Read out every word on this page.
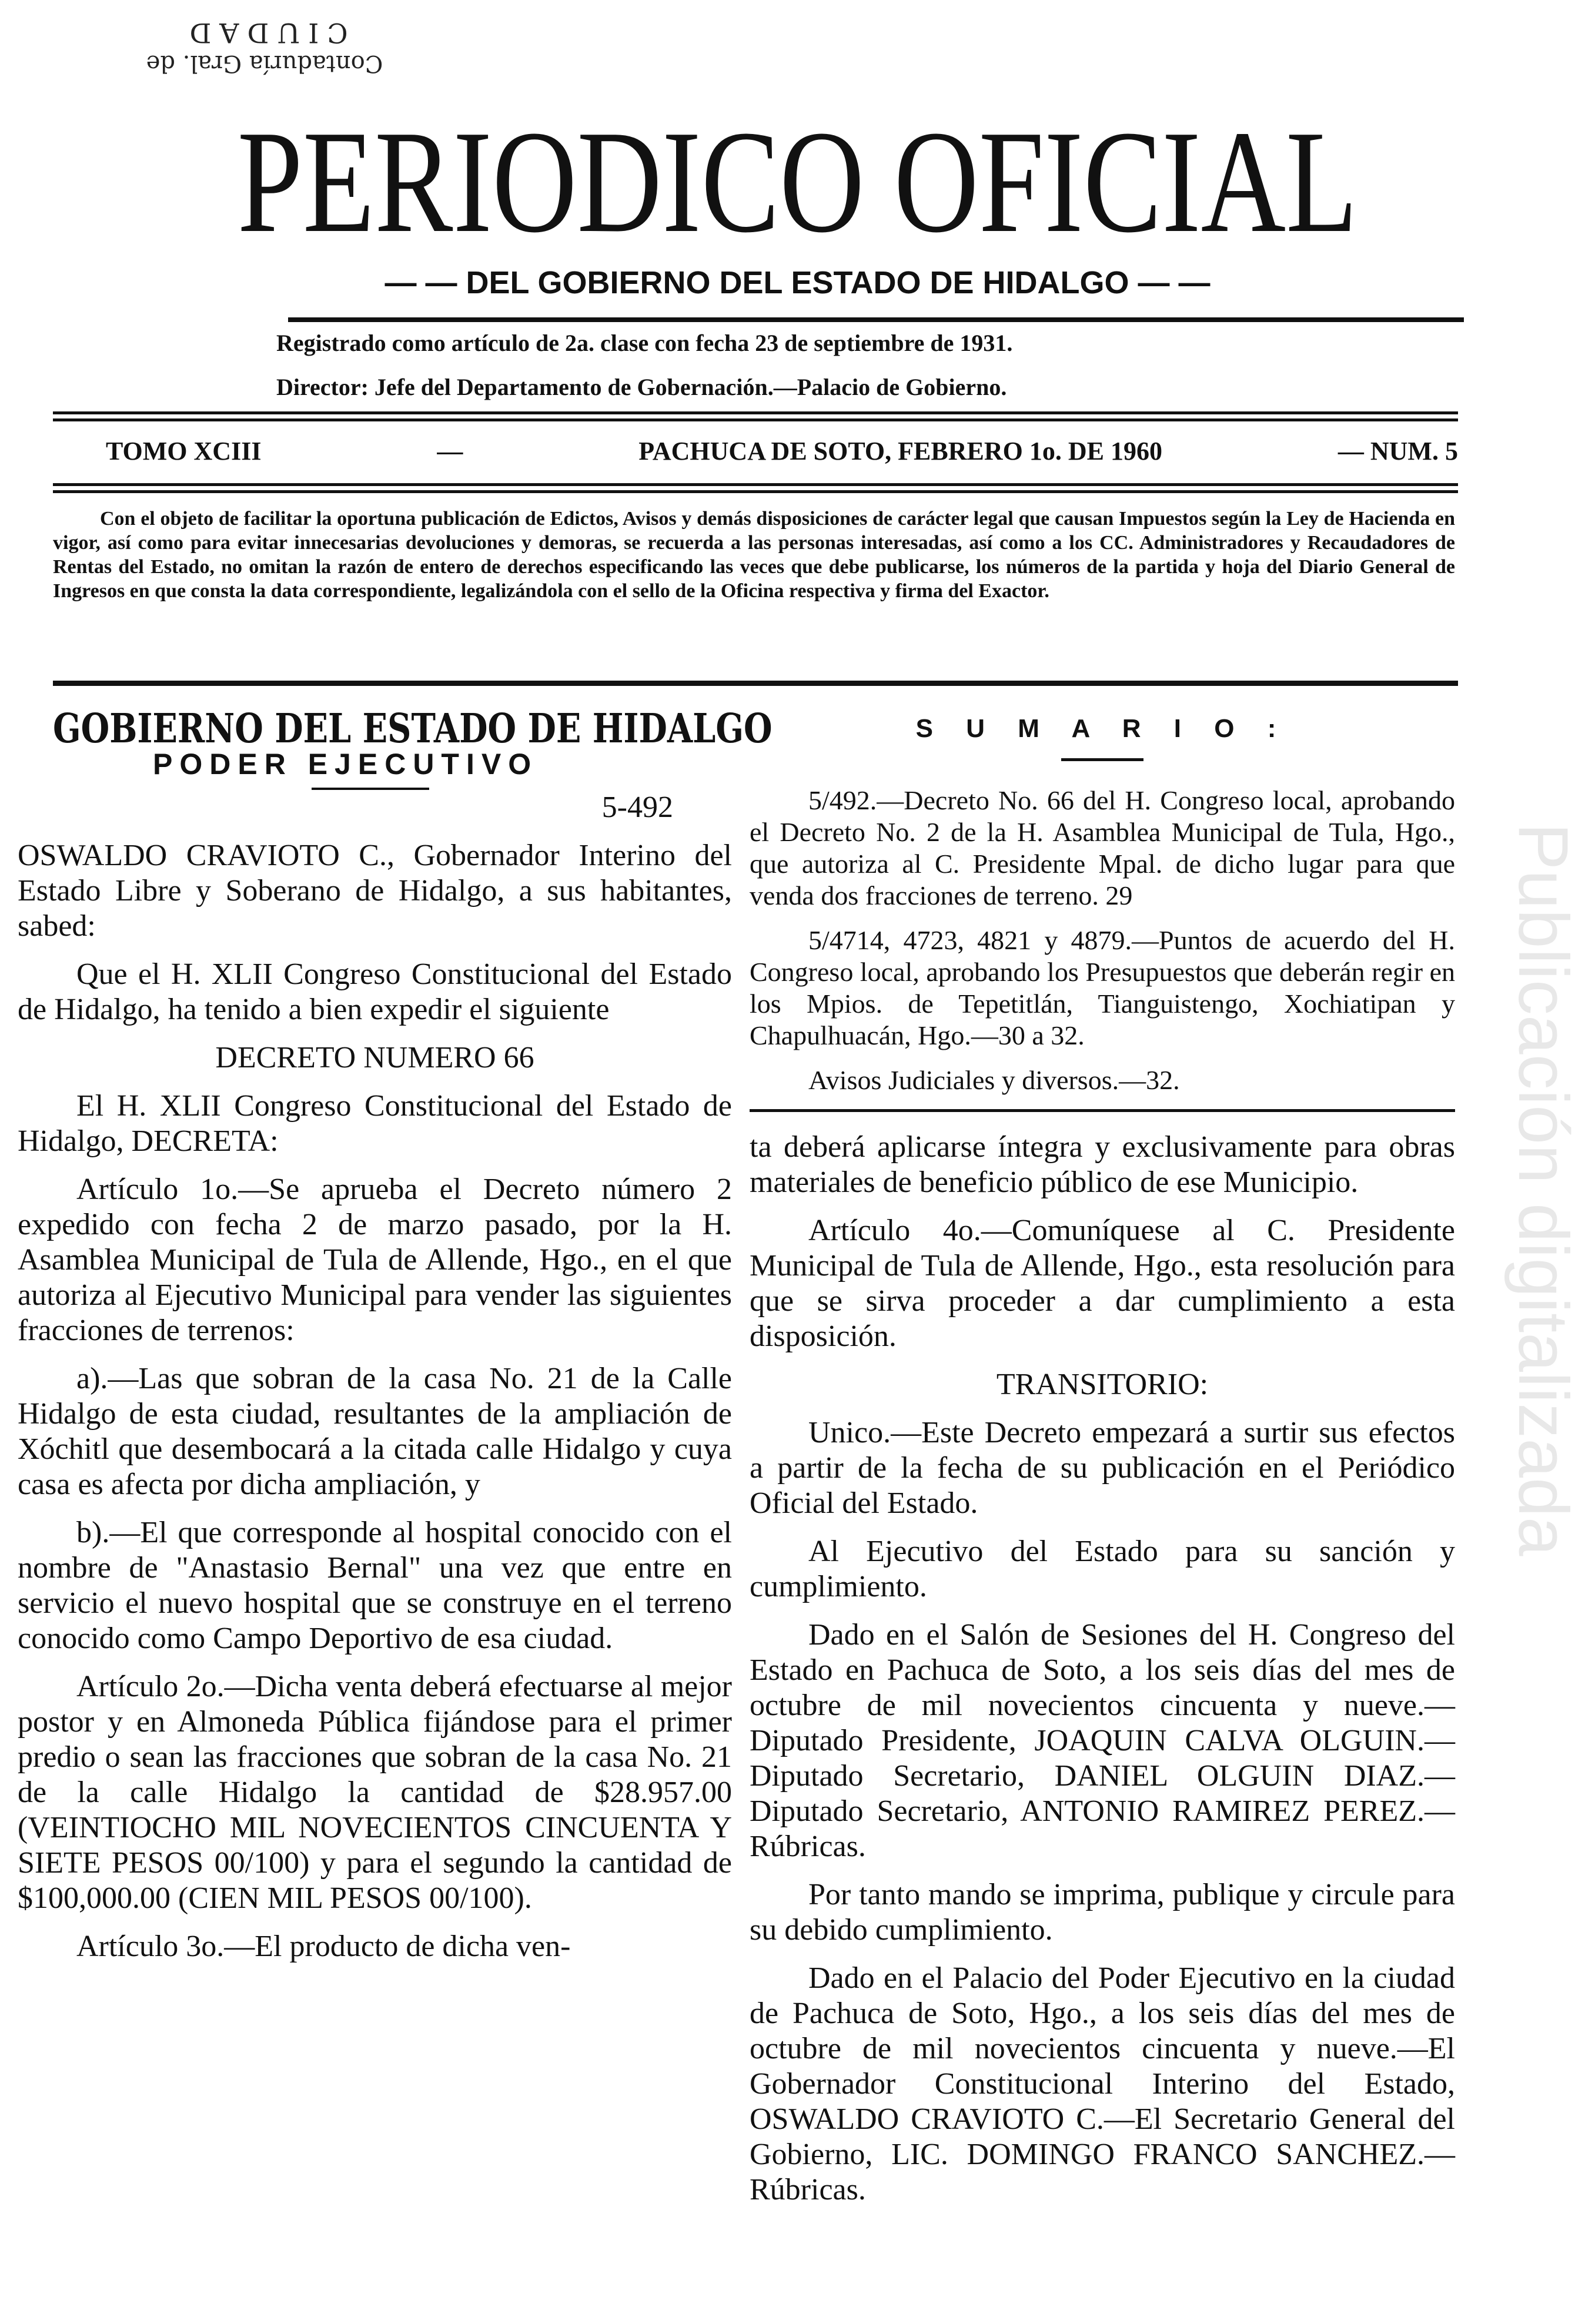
Publicación digitalizada
Contaduría Gral. de
CIUDAD
PERIODICO OFICIAL
— — DEL GOBIERNO DEL ESTADO DE HIDALGO — —
Registrado como artículo de 2a. clase con fecha 23 de septiembre de 1931.
Director: Jefe del Departamento de Gobernación.—Palacio de Gobierno.
TOMO XCIII	—	PACHUCA DE SOTO, FEBRERO 1o. DE 1960	— NUM. 5
Con el objeto de facilitar la oportuna publicación de Edictos, Avisos y demás disposiciones de carácter legal que causan Impuestos según la Ley de Hacienda en vigor, así como para evitar innecesarias devoluciones y demoras, se recuerda a las personas interesadas, así como a los CC. Administradores y Recaudadores de Rentas del Estado, no omitan la razón de entero de derechos especificando las veces que debe publicarse, los números de la partida y hoja del Diario General de Ingresos en que consta la data correspondiente, legalizándola con el sello de la Oficina respectiva y firma del Exactor.
GOBIERNO DEL ESTADO DE HIDALGO
PODER EJECUTIVO

5-492

OSWALDO CRAVIOTO C., Gobernador Interino del Estado Libre y Soberano de Hidalgo, a sus habitantes, sabed:

Que el H. XLII Congreso Constitucional del Estado de Hidalgo, ha tenido a bien expedir el siguiente

DECRETO NUMERO 66

El H. XLII Congreso Constitucional del Estado de Hidalgo, DECRETA:

Artículo 1o.—Se aprueba el Decreto número 2 expedido con fecha 2 de marzo pasado, por la H. Asamblea Municipal de Tula de Allende, Hgo., en el que autoriza al Ejecutivo Municipal para vender las siguientes fracciones de terrenos:

a).—Las que sobran de la casa No. 21 de la Calle Hidalgo de esta ciudad, resultantes de la ampliación de Xóchitl que desembocará a la citada calle Hidalgo y cuya casa es afecta por dicha ampliación, y

b).—El que corresponde al hospital conocido con el nombre de "Anastasio Bernal" una vez que entre en servicio el nuevo hospital que se construye en el terreno conocido como Campo Deportivo de esa ciudad.

Artículo 2o.—Dicha venta deberá efectuarse al mejor postor y en Almoneda Pública fijándose para el primer predio o sean las fracciones que sobran de la casa No. 21 de la calle Hidalgo la cantidad de $28.957.00 (VEINTIOCHO MIL NOVECIENTOS CINCUENTA Y SIETE PESOS 00/100) y para el segundo la cantidad de $100,000.00 (CIEN MIL PESOS 00/100).

Artículo 3o.—El producto de dicha ven-

S U M A R I O :

5/492.—Decreto No. 66 del H. Congreso local, aprobando el Decreto No. 2 de la H. Asamblea Municipal de Tula, Hgo., que autoriza al C. Presidente Mpal. de dicho lugar para que venda dos fracciones de terreno. 29

5/4714, 4723, 4821 y 4879.—Puntos de acuerdo del H. Congreso local, aprobando los Presupuestos que deberán regir en los Mpios. de Tepetitlán, Tianguistengo, Xochiatipan y Chapulhuacán, Hgo.—30 a 32.

Avisos Judiciales y diversos.—32.

ta deberá aplicarse íntegra y exclusivamente para obras materiales de beneficio público de ese Municipio.

Artículo 4o.—Comuníquese al C. Presidente Municipal de Tula de Allende, Hgo., esta resolución para que se sirva proceder a dar cumplimiento a esta disposición.

TRANSITORIO:

Unico.—Este Decreto empezará a surtir sus efectos a partir de la fecha de su publicación en el Periódico Oficial del Estado.

Al Ejecutivo del Estado para su sanción y cumplimiento.

Dado en el Salón de Sesiones del H. Congreso del Estado en Pachuca de Soto, a los seis días del mes de octubre de mil novecientos cincuenta y nueve.—Diputado Presidente, JOAQUIN CALVA OLGUIN.—Diputado Secretario, DANIEL OLGUIN DIAZ.—Diputado Secretario, ANTONIO RAMIREZ PEREZ.—Rúbricas.

Por tanto mando se imprima, publique y circule para su debido cumplimiento.

Dado en el Palacio del Poder Ejecutivo en la ciudad de Pachuca de Soto, Hgo., a los seis días del mes de octubre de mil novecientos cincuenta y nueve.—El Gobernador Constitucional Interino del Estado, OSWALDO CRAVIOTO C.—El Secretario General del Gobierno, LIC. DOMINGO FRANCO SANCHEZ.—Rúbricas.
